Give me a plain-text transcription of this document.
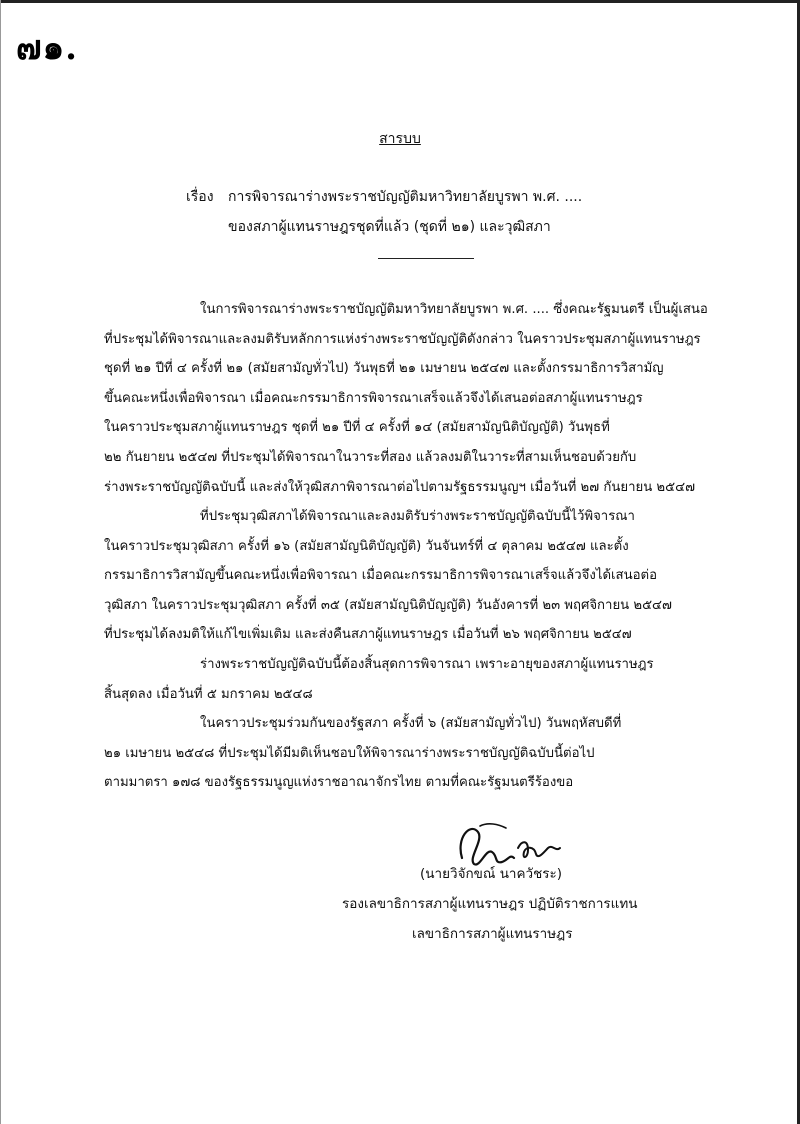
๗๑.
สารบบ
เรื่อง การพิจารณาร่างพระราชบัญญัติมหาวิทยาลัยบูรพา พ.ศ. ....
ของสภาผู้แทนราษฎรชุดที่แล้ว (ชุดที่ ๒๑) และวุฒิสภา
ในการพิจารณาร่างพระราชบัญญัติมหาวิทยาลัยบูรพา พ.ศ. .... ซึ่งคณะรัฐมนตรี เป็นผู้เสนอ
ที่ประชุมได้พิจารณาและลงมติรับหลักการแห่งร่างพระราชบัญญัติดังกล่าว ในคราวประชุมสภาผู้แทนราษฎร
ชุดที่ ๒๑ ปีที่ ๔ ครั้งที่ ๒๑ (สมัยสามัญทั่วไป) วันพุธที่ ๒๑ เมษายน ๒๕๔๗ และตั้งกรรมาธิการวิสามัญ
ขึ้นคณะหนึ่งเพื่อพิจารณา เมื่อคณะกรรมาธิการพิจารณาเสร็จแล้วจึงได้เสนอต่อสภาผู้แทนราษฎร
ในคราวประชุมสภาผู้แทนราษฎร ชุดที่ ๒๑ ปีที่ ๔ ครั้งที่ ๑๔ (สมัยสามัญนิติบัญญัติ) วันพุธที่
๒๒ กันยายน ๒๕๔๗ ที่ประชุมได้พิจารณาในวาระที่สอง แล้วลงมติในวาระที่สามเห็นชอบด้วยกับ
ร่างพระราชบัญญัติฉบับนี้ และส่งให้วุฒิสภาพิจารณาต่อไปตามรัฐธรรมนูญฯ เมื่อวันที่ ๒๗ กันยายน ๒๕๔๗
ที่ประชุมวุฒิสภาได้พิจารณาและลงมติรับร่างพระราชบัญญัติฉบับนี้ไว้พิจารณา
ในคราวประชุมวุฒิสภา ครั้งที่ ๑๖ (สมัยสามัญนิติบัญญัติ) วันจันทร์ที่ ๔ ตุลาคม ๒๕๔๗ และตั้ง
กรรมาธิการวิสามัญขึ้นคณะหนึ่งเพื่อพิจารณา เมื่อคณะกรรมาธิการพิจารณาเสร็จแล้วจึงได้เสนอต่อ
วุฒิสภา ในคราวประชุมวุฒิสภา ครั้งที่ ๓๕ (สมัยสามัญนิติบัญญัติ) วันอังคารที่ ๒๓ พฤศจิกายน ๒๕๔๗
ที่ประชุมได้ลงมติให้แก้ไขเพิ่มเติม และส่งคืนสภาผู้แทนราษฎร เมื่อวันที่ ๒๖ พฤศจิกายน ๒๕๔๗
ร่างพระราชบัญญัติฉบับนี้ต้องสิ้นสุดการพิจารณา เพราะอายุของสภาผู้แทนราษฎร
สิ้นสุดลง เมื่อวันที่ ๕ มกราคม ๒๕๔๘
ในคราวประชุมร่วมกันของรัฐสภา ครั้งที่ ๖ (สมัยสามัญทั่วไป) วันพฤหัสบดีที่
๒๑ เมษายน ๒๕๔๘ ที่ประชุมได้มีมติเห็นชอบให้พิจารณาร่างพระราชบัญญัติฉบับนี้ต่อไป
ตามมาตรา ๑๗๘ ของรัฐธรรมนูญแห่งราชอาณาจักรไทย ตามที่คณะรัฐมนตรีร้องขอ
(นายวิจักขณ์ นาควัชระ)
รองเลขาธิการสภาผู้แทนราษฎร ปฏิบัติราชการแทน
เลขาธิการสภาผู้แทนราษฎร
